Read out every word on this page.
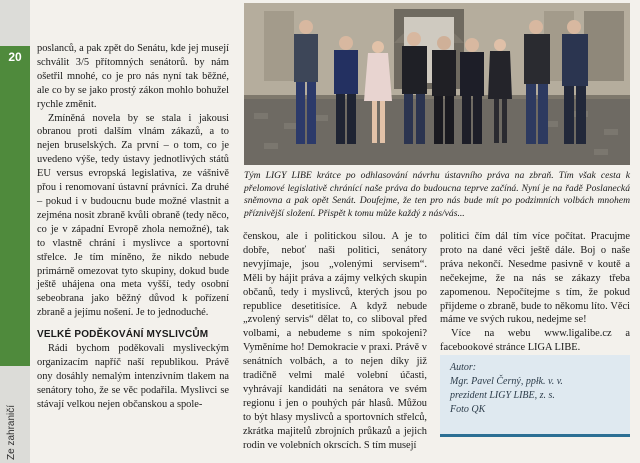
20
Ze zahraničí

poslanců, a pak zpět do Senátu, kde jej musejí schválit 3/5 přítomných senátorů. by nám ošetřil mnohé, co je pro nás nyní tak běžné, ale co by se jako prostý zákon mohlo bohužel rychle změnit.

Zmíněná novela by se stala i jakousi obranou proti dalším vlnám zákazů, a to nejen bruselských. Za první – o tom, co je uvedeno výše, tedy ústavy jednotlivých států EU versus evropská legislativa, ze vášnivě přou i renomovaní ústavní právníci. Za druhé – pokud i v budoucnu bude možné vlastnit a zejména nosit zbraně kvůli obraně (tedy něco, co je v západní Evropě zhola nemožné), tak to vlastně chrání i myslivce a sportovní střelce. Je tím míněno, že nikdo nebude primárně omezovat tyto skupiny, dokud bude ještě uhájena ona meta vyšší, tedy osobní sebeobrana jako běžný důvod k pořízení zbraně a jejímu nošení. Je to jednoduché.

VELKÉ PODĚKOVÁNÍ MYSLIVCŮM

Rádi bychom poděkovali mysliveckým organizacím napříč naší republikou. Právě ony dosáhly nemalým intenzivním tlakem na senátory toho, že se věc podařila. Myslivci se stávají velkou nejen občanskou a spole-

Tým LIGY LIBE krátce po odhlasování návrhu ústavního práva na zbraň. Tím však cesta k přelomové legislativě chránící naše práva do budoucna teprve začíná. Nyní je na řadě Poslanecká sněmovna a pak opět Senát. Doufejme, že ten pro nás bude mít po podzimních volbách mnohem příznivější složení. Přispět k tomu může každý z nás/vás...

čenskou, ale i politickou silou. A je to dobře, neboť naši politici, senátory nevyjímaje, jsou „volenými servisem“. Měli by hájit práva a zájmy velkých skupin občanů, tedy i myslivců, kterých jsou po republice desetitisíce. A když nebude „zvolený servis“ dělat to, co sliboval před volbami, a nebudeme s ním spokojeni? Vyměníme ho! Demokracie v praxi. Právě v senátních volbách, a to nejen díky již tradičně velmi malé volební účasti, vyhrávají kandidáti na senátora ve svém regionu i jen o pouhých pár hlasů. Můžou to být hlasy myslivců a sportovních střelců, zkrátka majitelů zbrojních průkazů a jejich rodin ve volebních okrscích. S tím musejí

politici čím dál tím více počítat. Pracujme proto na dané věci ještě dále. Boj o naše práva nekončí. Nesedme pasivně v koutě a nečekejme, že na nás se zákazy třeba zapomenou. Nepočítejme s tím, že pokud přijdeme o zbraně, bude to někomu líto. Věci máme ve svých rukou, nedejme se!

Více na webu www.ligalibe.cz a facebookové stránce LIGA LIBE.

Autor:
Mgr. Pavel Černý, ppłk. v. v.
prezident LIGY LIBE, z. s.
Foto QK
